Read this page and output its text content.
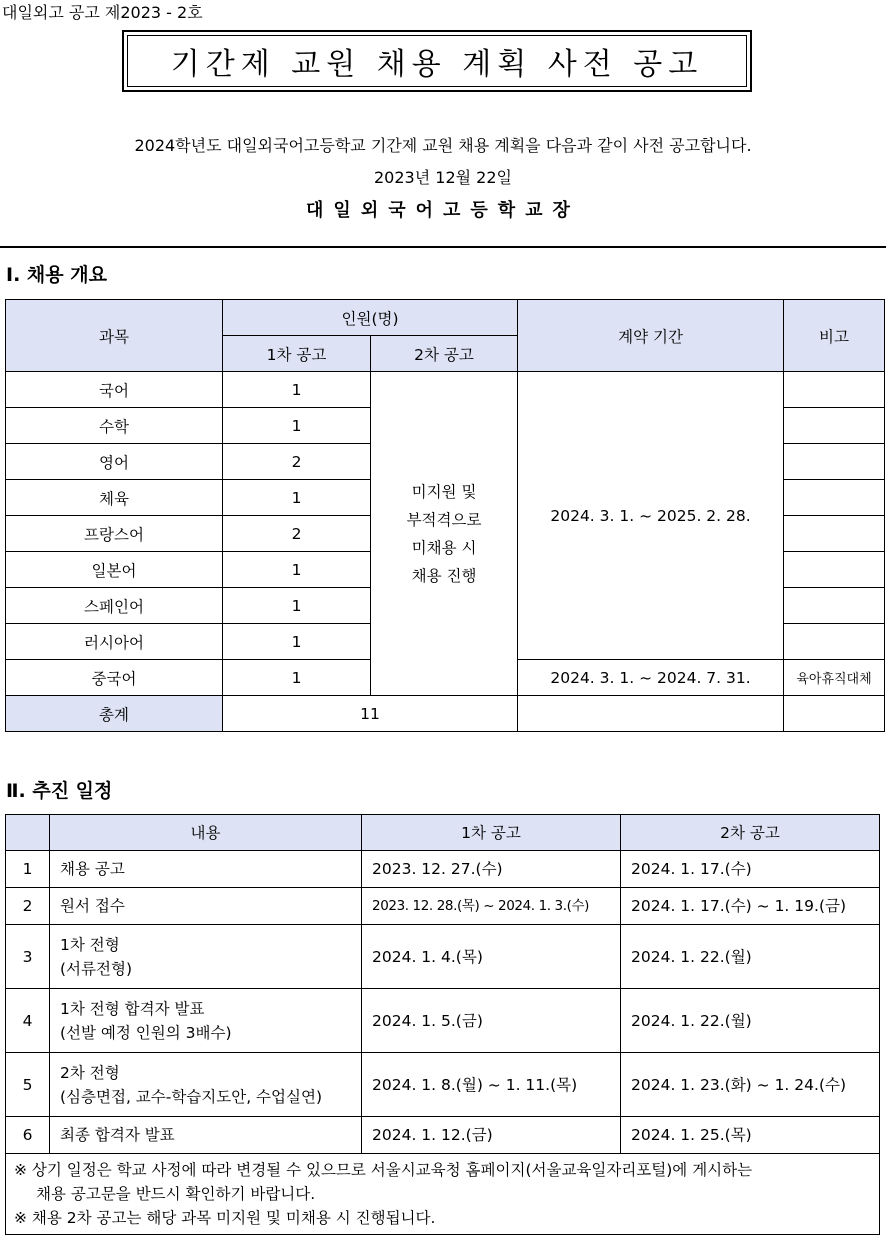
대일외고 공고 제2023 - 2호
기간제 교원 채용 계획 사전 공고
2024학년도 대일외국어고등학교 기간제 교원 채용 계획을 다음과 같이 사전 공고합니다.
2023년 12월 22일
대일외국어고등학교장
Ⅰ. 채용 개요
과목	인원(명)		계약 기간	비고
	1차 공고	2차 공고		
국어	1	미지원 및
부적격으로
미채용 시
채용 진행	2024. 3. 1. ~ 2025. 2. 28.	
수학	1			
영어	2			
체육	1			
프랑스어	2			
일본어	1			
스페인어	1			
러시아어	1			
중국어	1		2024. 3. 1. ~ 2024. 7. 31.	육아휴직대체
총계	11			
Ⅱ. 추진 일정
	내용	1차 공고	2차 공고
1	채용 공고	2023. 12. 27.(수)	2024. 1. 17.(수)
2	원서 접수	2023. 12. 28.(목) ~ 2024. 1. 3.(수)	2024. 1. 17.(수) ~ 1. 19.(금)
3	1차 전형
(서류전형)	2024. 1. 4.(목)	2024. 1. 22.(월)
4	1차 전형 합격자 발표
(선발 예정 인원의 3배수)	2024. 1. 5.(금)	2024. 1. 22.(월)
5	2차 전형
(심층면접, 교수-학습지도안, 수업실연)	2024. 1. 8.(월) ~ 1. 11.(목)	2024. 1. 23.(화) ~ 1. 24.(수)
6	최종 합격자 발표	2024. 1. 12.(금)	2024. 1. 25.(목)

※ 상기 일정은 학교 사정에 따라 변경될 수 있으므로 서울시교육청 홈페이지(서울교육일자리포털)에 게시하는

채용 공고문을 반드시 확인하기 바랍니다.

※ 채용 2차 공고는 해당 과목 미지원 및 미채용 시 진행됩니다.			
